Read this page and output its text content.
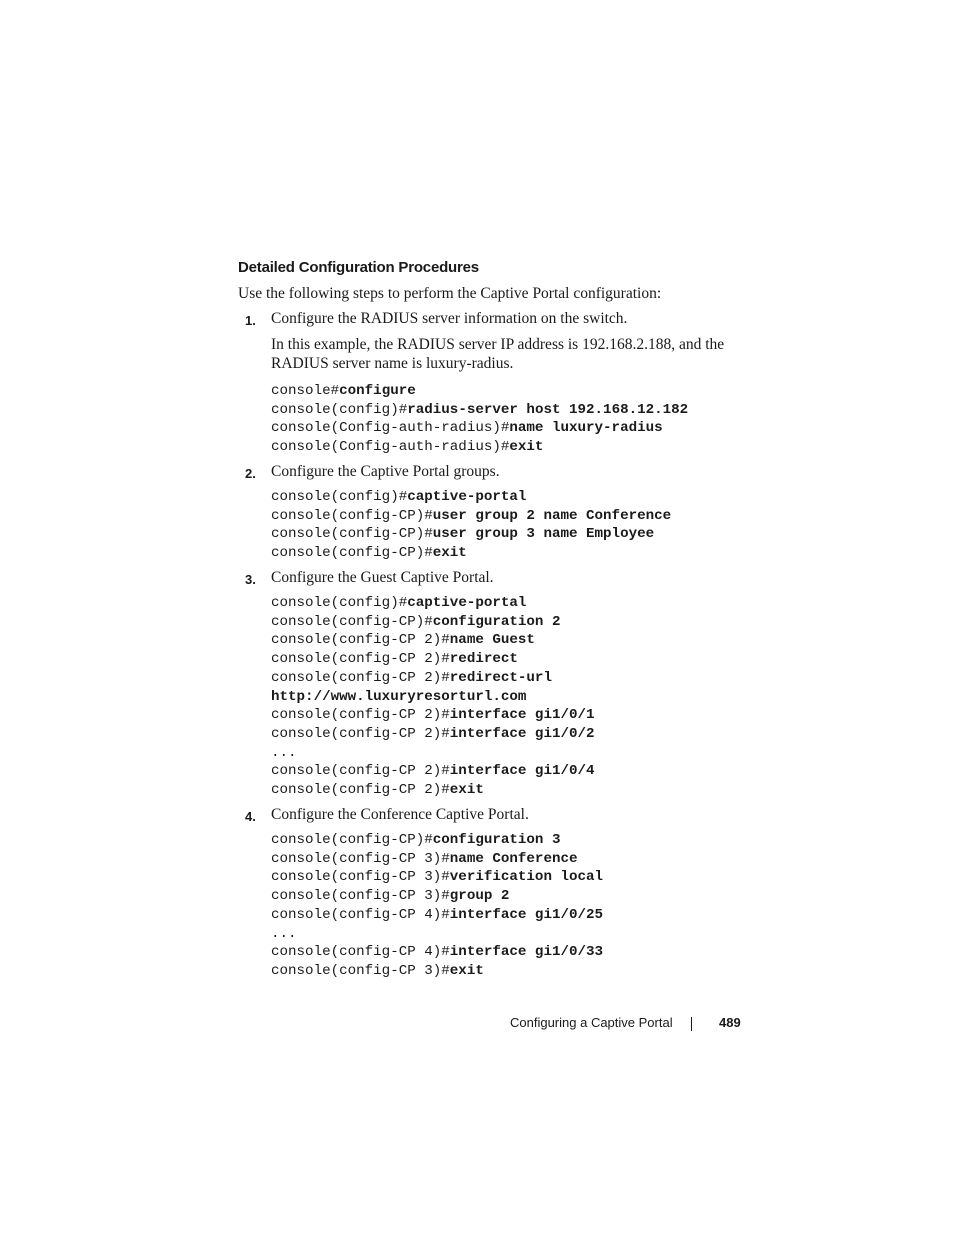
Detailed Configuration Procedures
Use the following steps to perform the Captive Portal configuration:
1. Configure the RADIUS server information on the switch.
In this example, the RADIUS server IP address is 192.168.2.188, and the
RADIUS server name is luxury-radius.
console#configure
console(config)#radius-server host 192.168.12.182
console(Config-auth-radius)#name luxury-radius
console(Config-auth-radius)#exit
2. Configure the Captive Portal groups.
console(config)#captive-portal
console(config-CP)#user group 2 name Conference
console(config-CP)#user group 3 name Employee
console(config-CP)#exit
3. Configure the Guest Captive Portal.
console(config)#captive-portal
console(config-CP)#configuration 2
console(config-CP 2)#name Guest
console(config-CP 2)#redirect
console(config-CP 2)#redirect-url
http://www.luxuryresorturl.com
console(config-CP 2)#interface gi1/0/1
console(config-CP 2)#interface gi1/0/2
...
console(config-CP 2)#interface gi1/0/4
console(config-CP 2)#exit
4. Configure the Conference Captive Portal.
console(config-CP)#configuration 3
console(config-CP 3)#name Conference
console(config-CP 3)#verification local
console(config-CP 3)#group 2
console(config-CP 4)#interface gi1/0/25
...
console(config-CP 4)#interface gi1/0/33
console(config-CP 3)#exit
Configuring a Captive Portal	489
